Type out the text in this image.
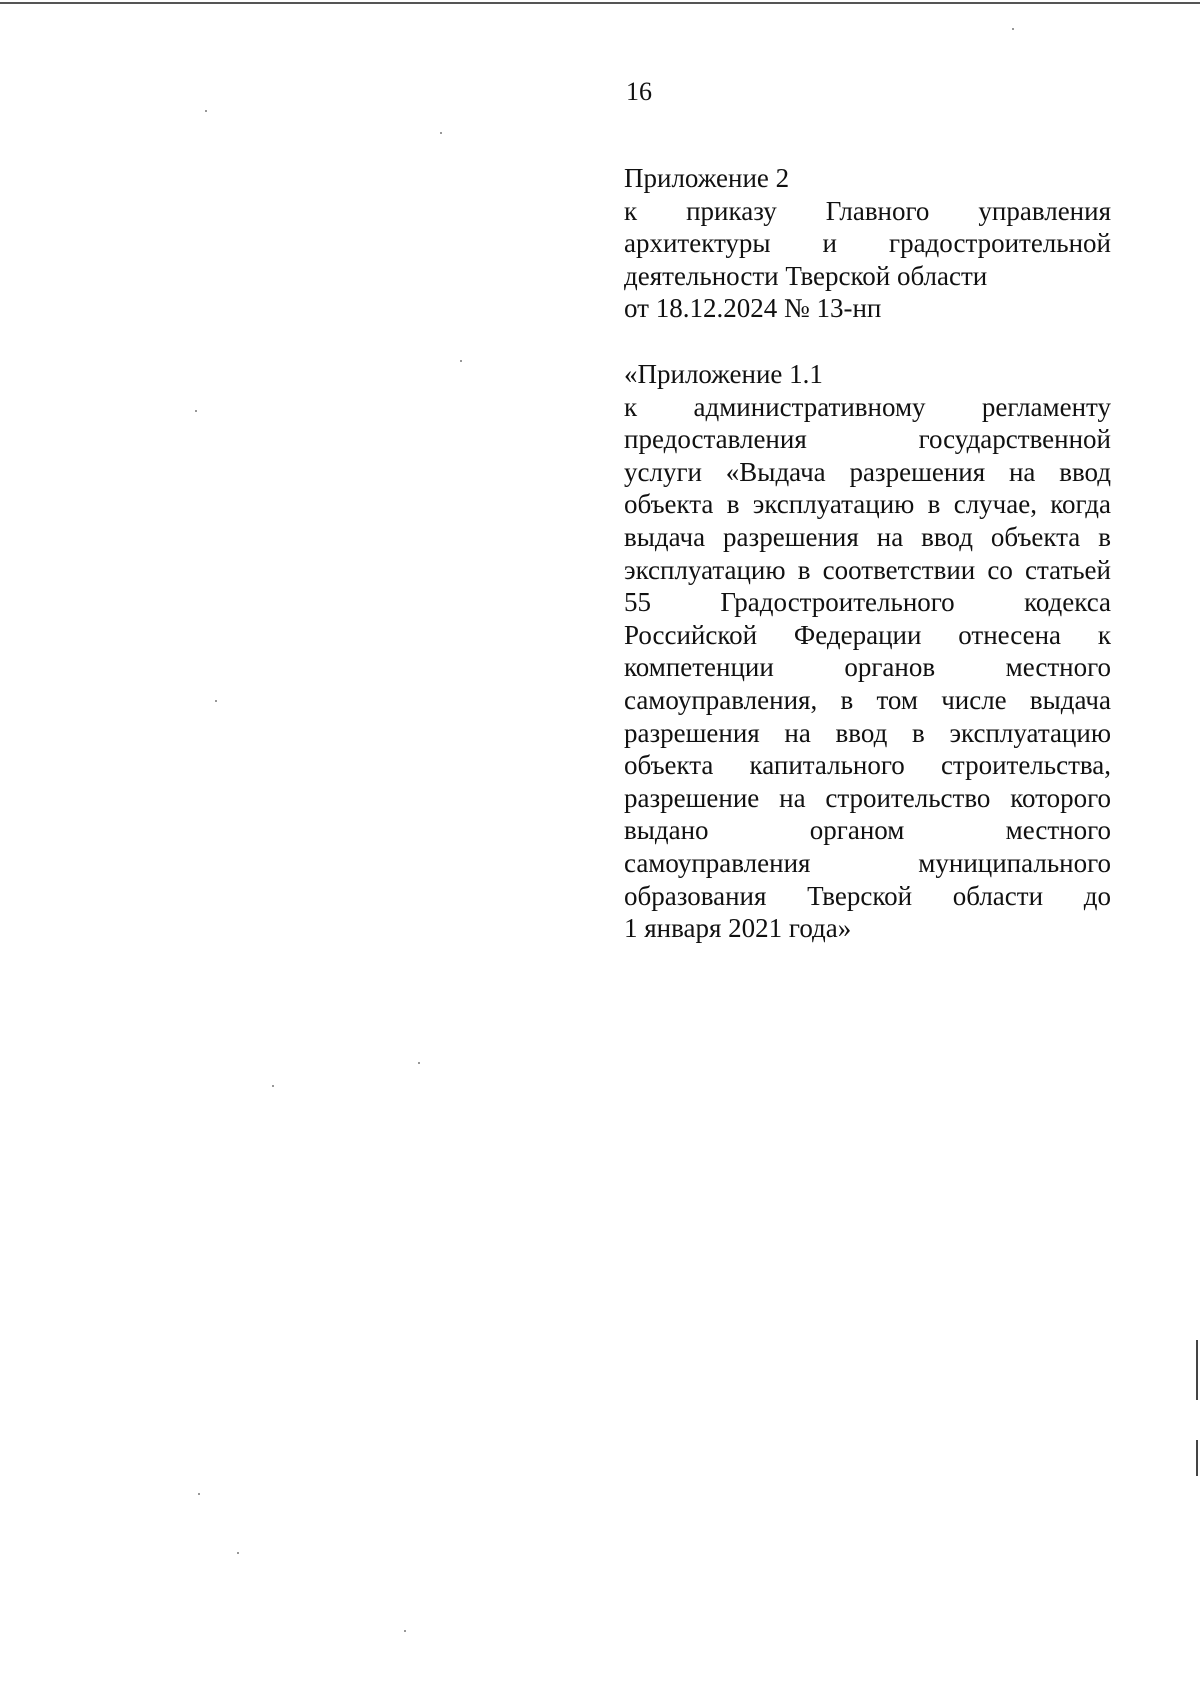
16
Приложение 2
к приказу Главного управления
архитектуры и градостроительной
деятельности Тверской области
от 18.12.2024 № 13-нп
«Приложение 1.1
к административному регламенту
предоставления государственной
услуги «Выдача разрешения на ввод
объекта в эксплуатацию в случае, когда
выдача разрешения на ввод объекта в
эксплуатацию в соответствии со статьей
55 Градостроительного кодекса
Российской Федерации отнесена к
компетенции органов местного
самоуправления, в том числе выдача
разрешения на ввод в эксплуатацию
объекта капитального строительства,
разрешение на строительство которого
выдано органом местного
самоуправления муниципального
образования Тверской области до
1 января 2021 года»
